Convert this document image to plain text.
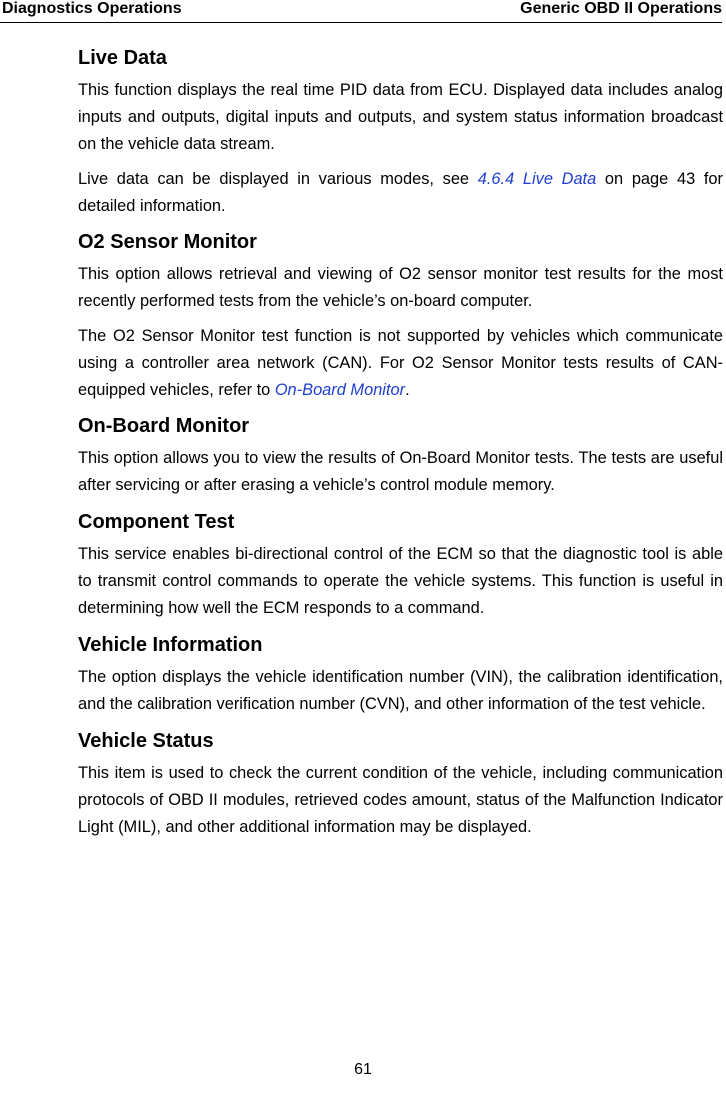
Diagnostics Operations	Generic OBD II Operations
Live Data

This function displays the real time PID data from ECU. Displayed data includes analog inputs and outputs, digital inputs and outputs, and system status information broadcast on the vehicle data stream.

Live data can be displayed in various modes, see 4.6.4 Live Data on page 43 for detailed information.

O2 Sensor Monitor

This option allows retrieval and viewing of O2 sensor monitor test results for the most recently performed tests from the vehicle’s on-board computer.

The O2 Sensor Monitor test function is not supported by vehicles which communicate using a controller area network (CAN). For O2 Sensor Monitor tests results of CAN-equipped vehicles, refer to On-Board Monitor.

On-Board Monitor

This option allows you to view the results of On-Board Monitor tests. The tests are useful after servicing or after erasing a vehicle’s control module memory.

Component Test

This service enables bi-directional control of the ECM so that the diagnostic tool is able to transmit control commands to operate the vehicle systems. This function is useful in determining how well the ECM responds to a command.

Vehicle Information

The option displays the vehicle identification number (VIN), the calibration identification, and the calibration verification number (CVN), and other information of the test vehicle.

Vehicle Status

This item is used to check the current condition of the vehicle, including communication protocols of OBD II modules, retrieved codes amount, status of the Malfunction Indicator Light (MIL), and other additional information may be displayed.

61
